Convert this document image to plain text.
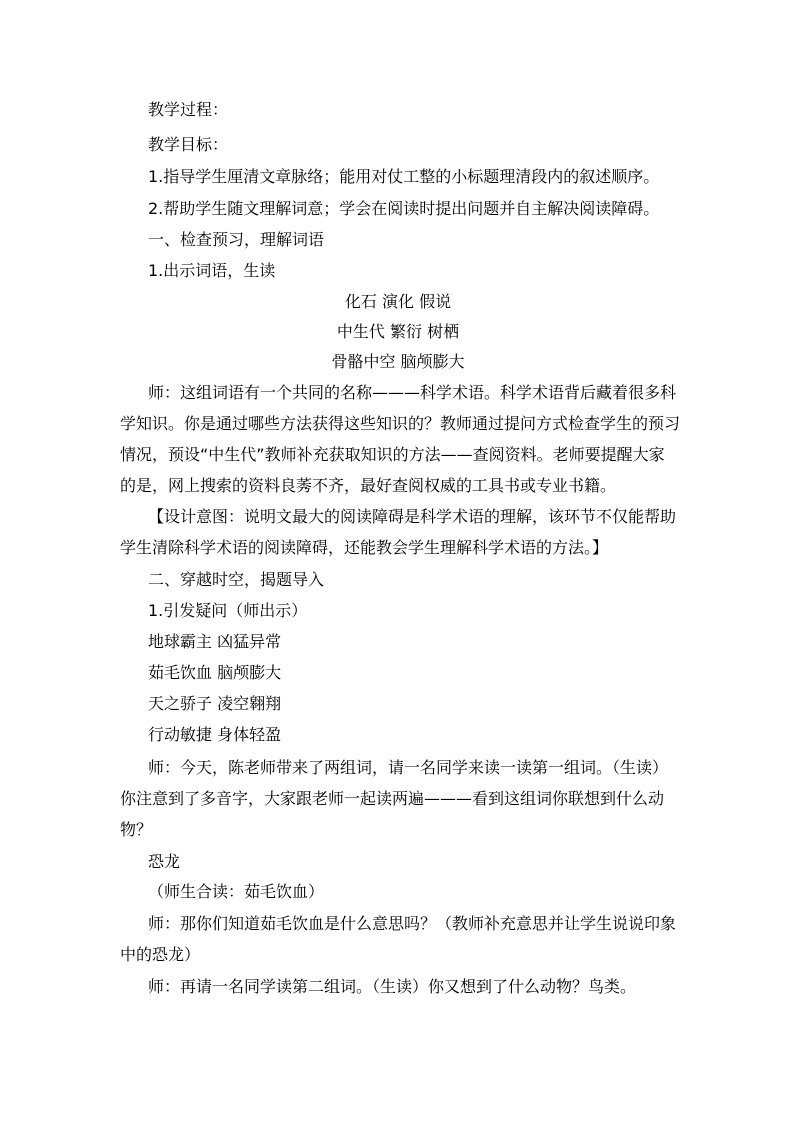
教学过程：
教学目标：
1.指导学生厘清文章脉络；能用对仗工整的小标题理清段内的叙述顺序。
2.帮助学生随文理解词意；学会在阅读时提出问题并自主解决阅读障碍。
一、检查预习，理解词语
1.出示词语，生读
化石 演化 假说
中生代 繁衍 树栖
骨骼中空 脑颅膨大
师：这组词语有一个共同的名称———科学术语。科学术语背后藏着很多科
学知识。你是通过哪些方法获得这些知识的？教师通过提问方式检查学生的预习
情况，预设“中生代”教师补充获取知识的方法——查阅资料。老师要提醒大家
的是，网上搜索的资料良莠不齐，最好查阅权威的工具书或专业书籍。
【设计意图：说明文最大的阅读障碍是科学术语的理解，该环节不仅能帮助
学生清除科学术语的阅读障碍，还能教会学生理解科学术语的方法。】
二、穿越时空，揭题导入
1.引发疑问（师出示）
地球霸主 凶猛异常
茹毛饮血 脑颅膨大
天之骄子 凌空翱翔
行动敏捷 身体轻盈
师：今天，陈老师带来了两组词，请一名同学来读一读第一组词。（生读）
你注意到了多音字，大家跟老师一起读两遍———看到这组词你联想到什么动
物？
恐龙
（师生合读：茹毛饮血）
师：那你们知道茹毛饮血是什么意思吗？（教师补充意思并让学生说说印象
中的恐龙）
师：再请一名同学读第二组词。（生读）你又想到了什么动物？鸟类。
